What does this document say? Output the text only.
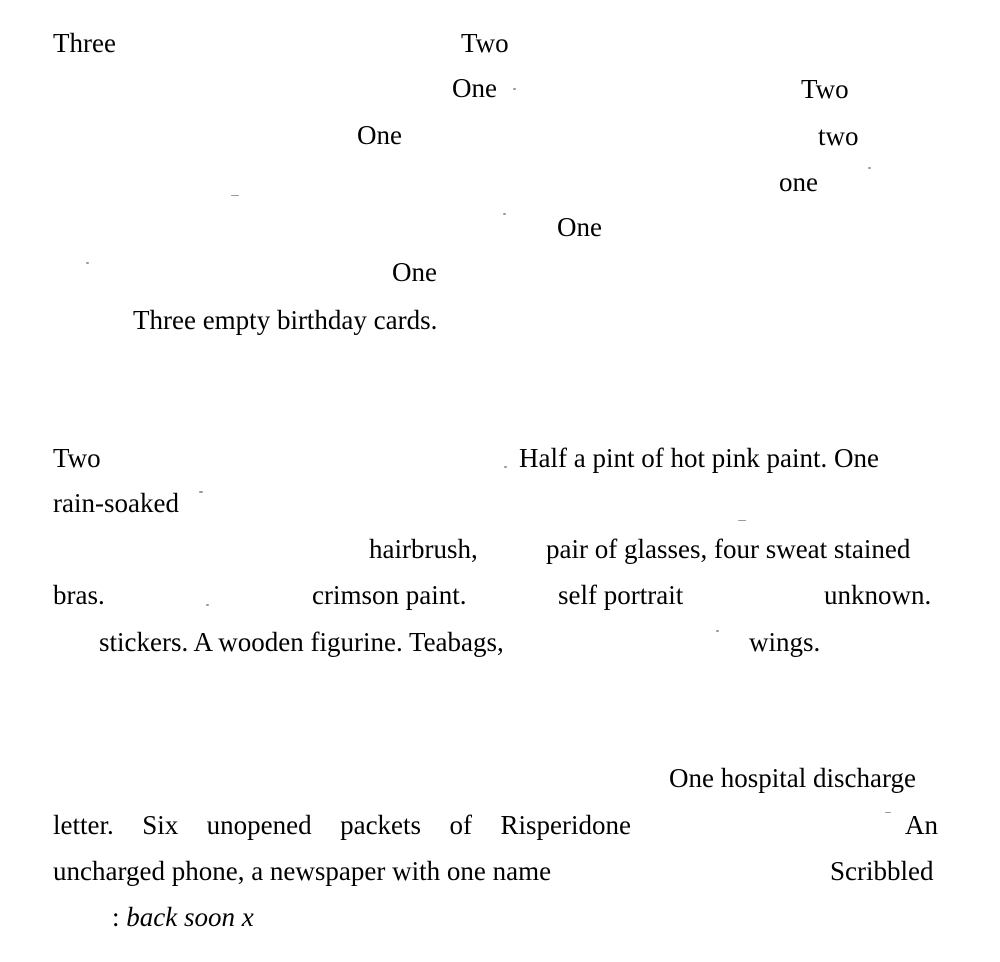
Three	Two
One	Two
One	two
one
One
One
Three empty birthday cards.
Two	Half a pint of hot pink paint. One
rain-soaked
hairbrush,	pair of glasses, four sweat stained
bras.	crimson paint.	self portrait	unknown.
stickers. A wooden figurine. Teabags,	wings.
One hospital discharge
letter. Six unopened packets of Risperidone	An
uncharged phone, a newspaper with one name	Scribbled
: back soon x
